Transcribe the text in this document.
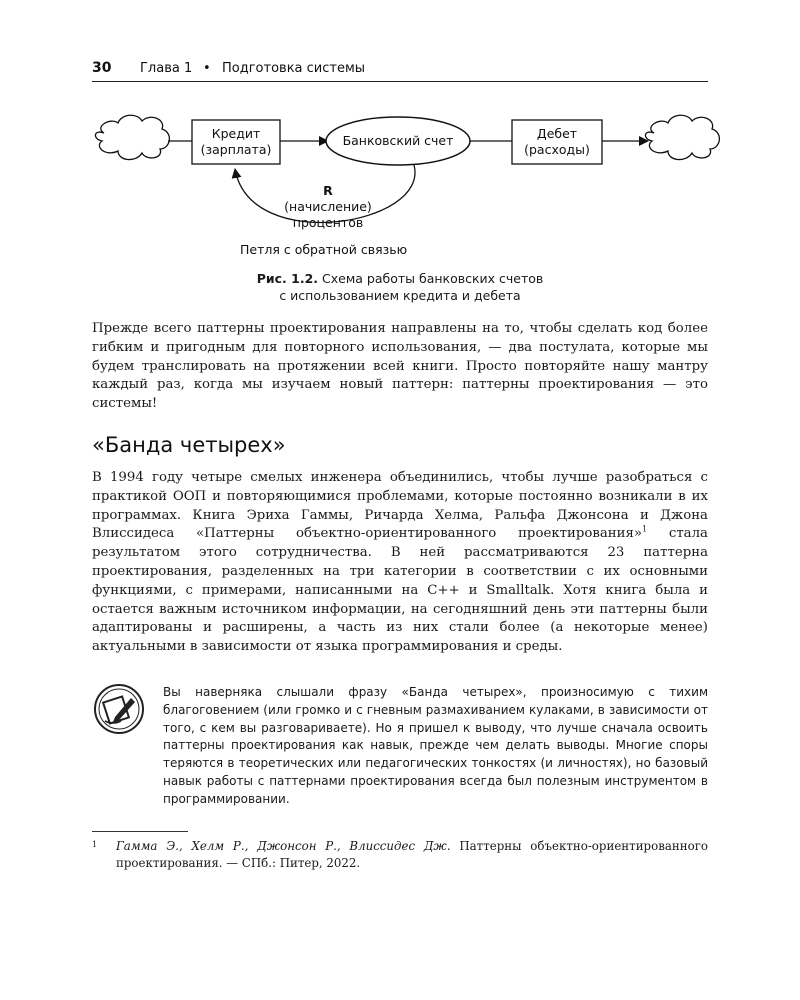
30 Глава 1 • Подготовка системы
Кредит
(зарплата)
Банковский счет	Дебет
(расходы)
R
(начисление)
процентов
Петля с обратной связью
Рис. 1.2. Схема работы банковских счетов
с использованием кредита и дебета
Прежде всего паттерны проектирования направлены на то, чтобы сделать код более гибким и пригодным для повторного использования, — два постулата, которые мы будем транслировать на протяжении всей книги. Просто повторяйте нашу мантру каждый раз, когда мы изучаем новый паттерн: паттерны проектирования — это системы!
«Банда четырех»
В 1994 году четыре смелых инженера объединились, чтобы лучше разобраться с практикой ООП и повторяющимися проблемами, которые постоянно возникали в их программах. Книга Эриха Гаммы, Ричарда Хелма, Ральфа Джонсона и Джона Влиссидеса «Паттерны объектно-ориентированного проектирования»$^1$ стала результатом этого сотрудничества. В ней рассматриваются 23 паттерна проектирования, разделенных на три категории в соответствии с их основными функциями, с примерами, написанными на C++ и Smalltalk. Хотя книга была и остается важным источником информации, на сегодняшний день эти паттерны были адаптированы и расширены, а часть из них стали более (а некоторые менее) актуальными в зависимости от языка программирования и среды.
Вы наверняка слышали фразу «Банда четырех», произносимую с тихим благоговением (или громко и с гневным размахиванием кулаками, в зависимости от того, с кем вы разговариваете). Но я пришел к выводу, что лучше сначала освоить паттерны проектирования как навык, прежде чем делать выводы. Многие споры теряются в теоретических или педагогических тонкостях (и личностях), но базовый навык работы с паттернами проектирования всегда был полезным инструментом в программировании.
1 Гамма Э., Хелм Р., Джонсон Р., Влиссидес Дж. Паттерны объектно-ориентированного проектирования. — СПб.: Питер, 2022.
